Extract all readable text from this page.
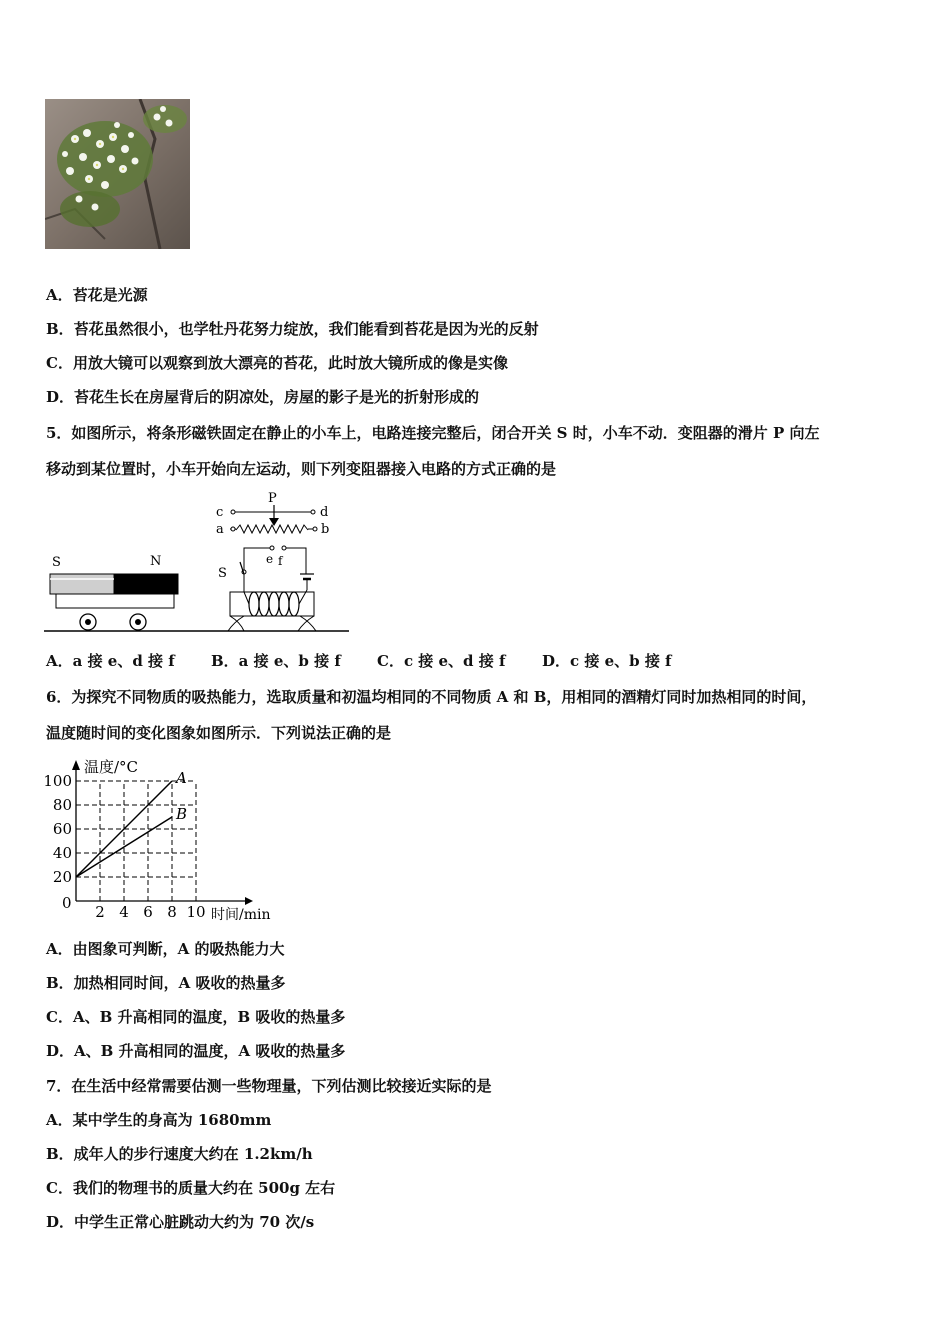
A．苔花是光源
B．苔花虽然很小，也学牡丹花努力绽放，我们能看到苔花是因为光的反射
C．用放大镜可以观察到放大漂亮的苔花，此时放大镜所成的像是实像
D．苔花生长在房屋背后的阴凉处，房屋的影子是光的折射形成的
5．如图所示，将条形磁铁固定在静止的小车上，电路连接完整后，闭合开关 S 时，小车不动．变阻器的滑片 P 向左
移动到某位置时，小车开始向左运动，则下列变阻器接入电路的方式正确的是
S	N
P
c	d
a	b
e f
S
A．a 接 e、d 接 f B．a 接 e、b 接 f C．c 接 e、d 接 f D．c 接 e、b 接 f
6．为探究不同物质的吸热能力，选取质量和初温均相同的不同物质 A 和 B，用相同的酒精灯同时加热相同的时间，
温度随时间的变化图象如图所示．下列说法正确的是
20
40
60
80
100
2 4 6 8 10
A
B
温度/°C
时间/min
0
A．由图象可判断，A 的吸热能力大
B．加热相同时间，A 吸收的热量多
C．A、B 升高相同的温度，B 吸收的热量多
D．A、B 升高相同的温度，A 吸收的热量多
7．在生活中经常需要估测一些物理量，下列估测比较接近实际的是
A．某中学生的身高为 1680mm
B．成年人的步行速度大约在 1.2km/h
C．我们的物理书的质量大约在 500g 左右
D．中学生正常心脏跳动大约为 70 次/s
